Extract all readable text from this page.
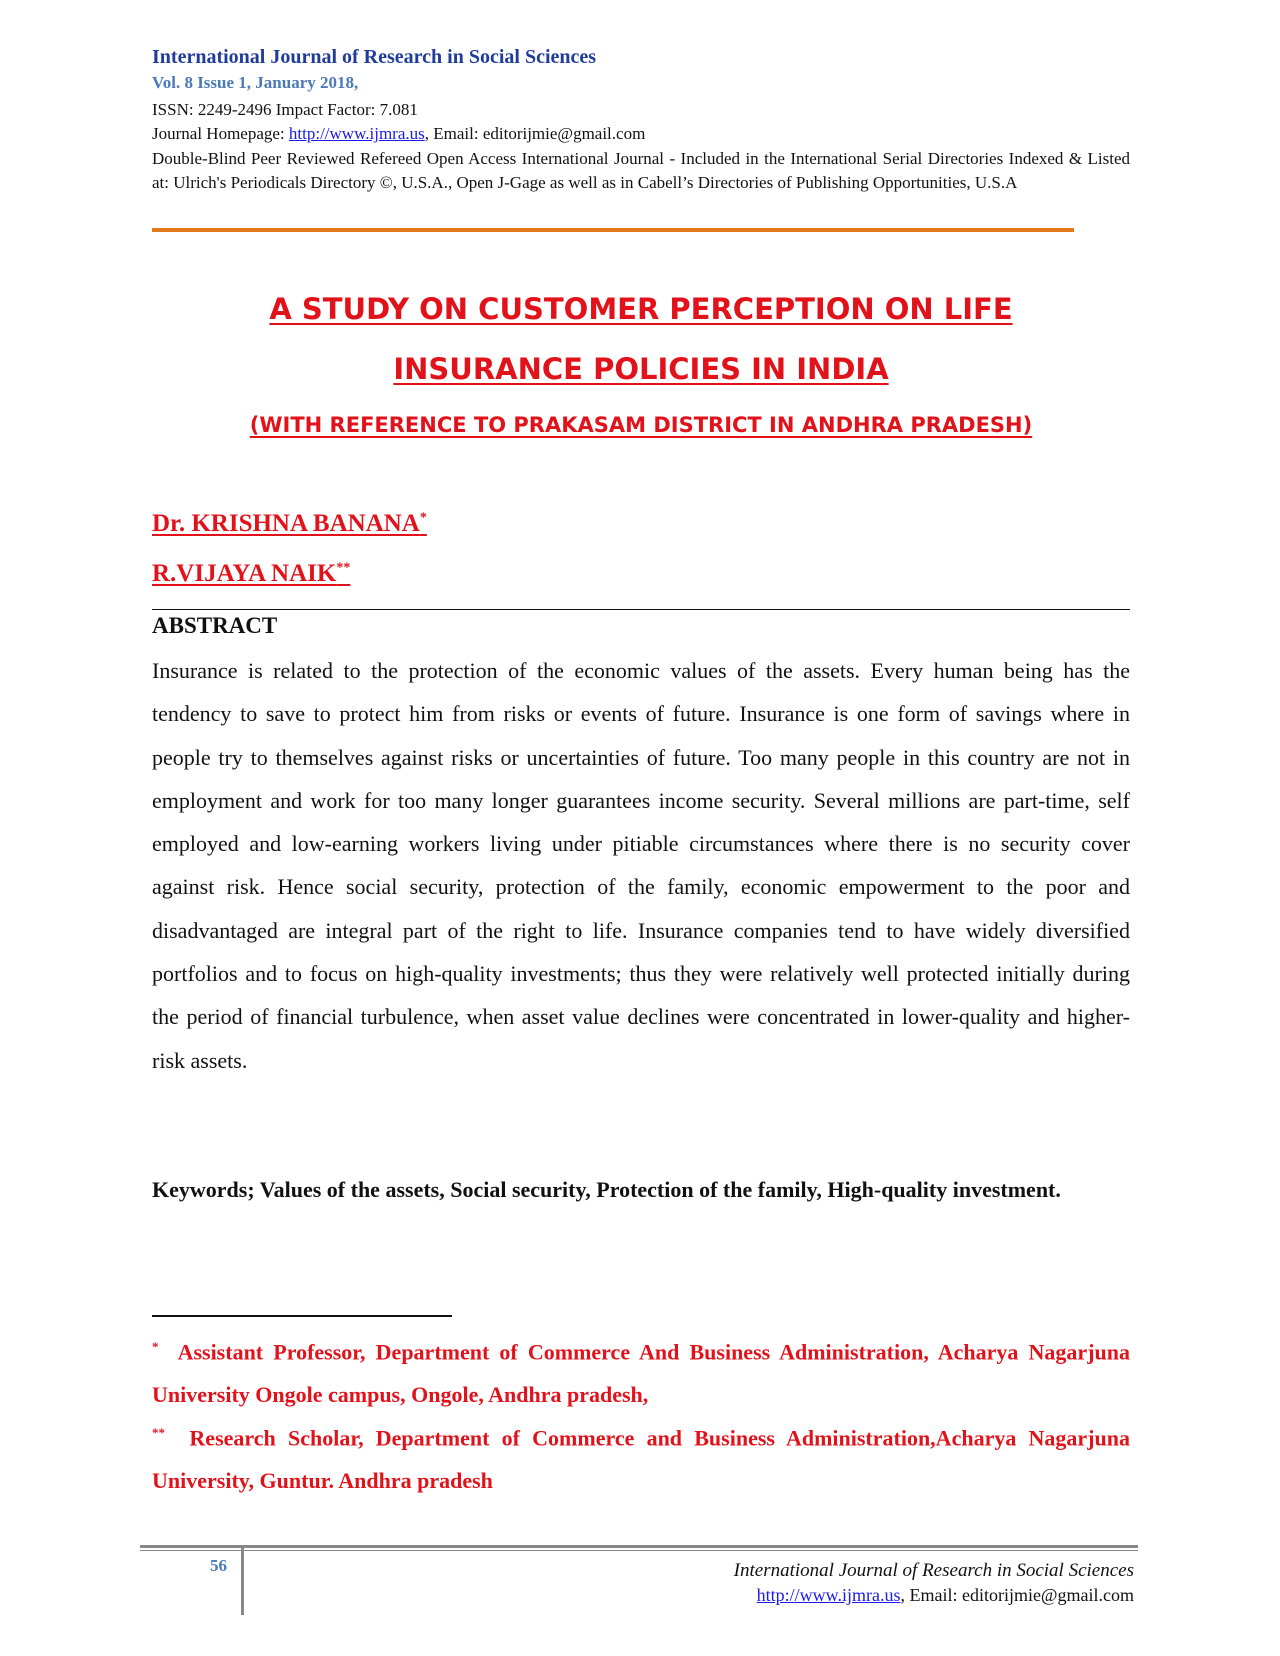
International Journal of Research in Social Sciences
Vol. 8 Issue 1, January 2018,
ISSN: 2249-2496 Impact Factor: 7.081
Journal Homepage: http://www.ijmra.us, Email: editorijmie@gmail.com
Double-Blind Peer Reviewed Refereed Open Access International Journal - Included in the International Serial Directories Indexed & Listed at: Ulrich's Periodicals Directory ©, U.S.A., Open J-Gage as well as in Cabell’s Directories of Publishing Opportunities, U.S.A
A STUDY ON CUSTOMER PERCEPTION ON LIFE
INSURANCE POLICIES IN INDIA
(WITH REFERENCE TO PRAKASAM DISTRICT IN ANDHRA PRADESH)
Dr. KRISHNA BANANA*
R.VIJAYA NAIK**
ABSTRACT
Insurance is related to the protection of the economic values of the assets. Every human being has the tendency to save to protect him from risks or events of future. Insurance is one form of savings where in people try to themselves against risks or uncertainties of future. Too many people in this country are not in employment and work for too many longer guarantees income security. Several millions are part-time, self employed and low-earning workers living under pitiable circumstances where there is no security cover against risk. Hence social security, protection of the family, economic empowerment to the poor and disadvantaged are integral part of the right to life. Insurance companies tend to have widely diversified portfolios and to focus on high-quality investments; thus they were relatively well protected initially during the period of financial turbulence, when asset value declines were concentrated in lower-quality and higher-risk assets.
Keywords; Values of the assets, Social security, Protection of the family, High-quality investment.
* Assistant Professor, Department of Commerce And Business Administration, Acharya Nagarjuna University Ongole campus, Ongole, Andhra pradesh,
** Research Scholar, Department of Commerce and Business Administration,Acharya Nagarjuna University, Guntur. Andhra pradesh
56	International Journal of Research in Social Sciences
http://www.ijmra.us, Email: editorijmie@gmail.com
